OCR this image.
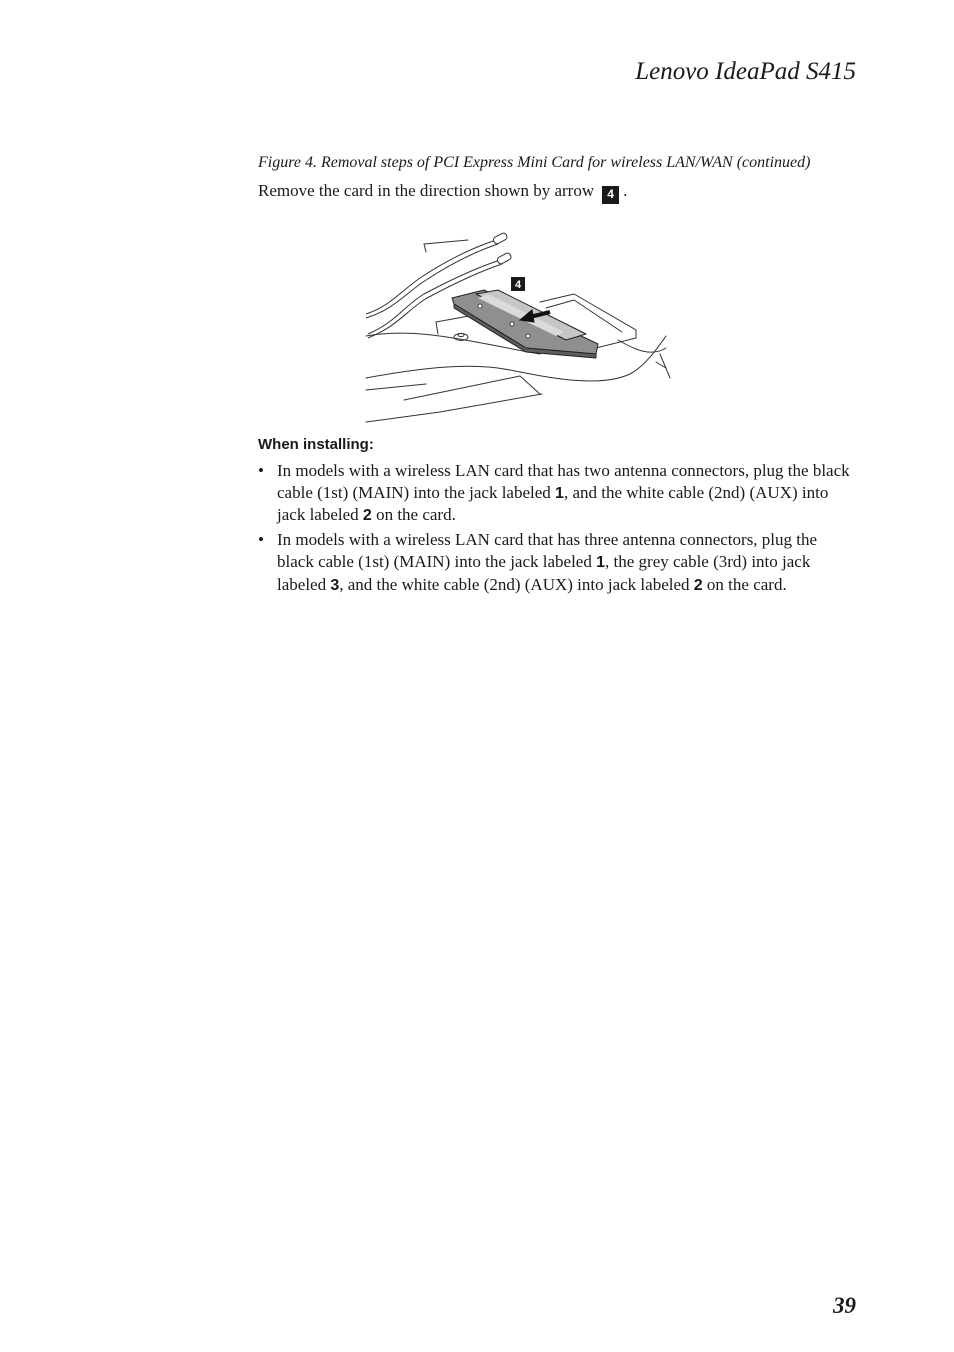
Lenovo IdeaPad S415
Figure 4. Removal steps of PCI Express Mini Card for wireless LAN/WAN (continued)
Remove the card in the direction shown by arrow 4 .
4
When installing:
• In models with a wireless LAN card that has two antenna connectors, plug the black cable (1st) (MAIN) into the jack labeled 1, and the white cable (2nd) (AUX) into jack labeled 2 on the card.
• In models with a wireless LAN card that has three antenna connectors, plug the black cable (1st) (MAIN) into the jack labeled 1, the grey cable (3rd) into jack labeled 3, and the white cable (2nd) (AUX) into jack labeled 2 on the card.
39
